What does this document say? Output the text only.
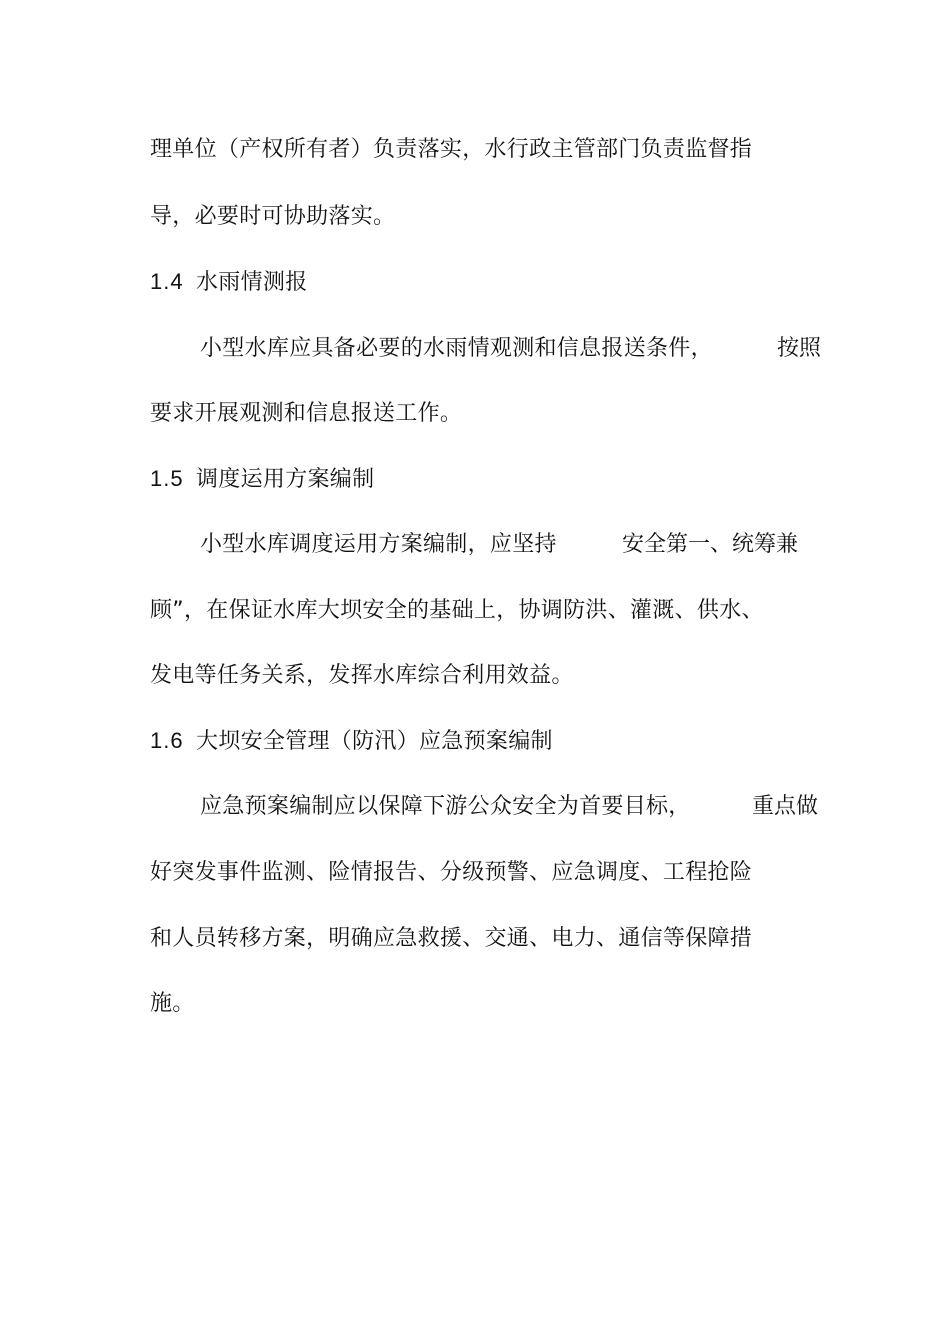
理单位（产权所有者）负责落实，水行政主管部门负责监督指
导，必要时可协助落实。
1.4 水雨情测报
小型水库应具备必要的水雨情观测和信息报送条件，	按照
要求开展观测和信息报送工作。
1.5 调度运用方案编制
小型水库调度运用方案编制，应坚持	安全第一、统筹兼
顾”，在保证水库大坝安全的基础上，协调防洪、灌溉、供水、
发电等任务关系，发挥水库综合利用效益。
1.6 大坝安全管理（防汛）应急预案编制
应急预案编制应以保障下游公众安全为首要目标，	重点做
好突发事件监测、险情报告、分级预警、应急调度、工程抢险
和人员转移方案，明确应急救援、交通、电力、通信等保障措
施。
